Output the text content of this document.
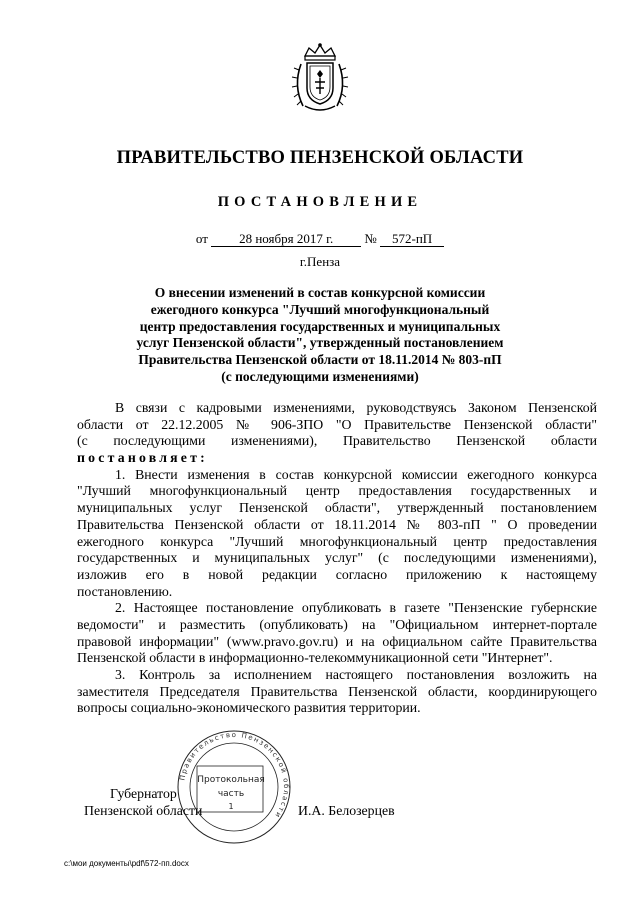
ПРАВИТЕЛЬСТВО ПЕНЗЕНСКОЙ ОБЛАСТИ
ПОСТАНОВЛЕНИЕ
от 28 ноября 2017 г. № 572-пП
г.Пенза
О внесении изменений в состав конкурсной комиссии
ежегодного конкурса "Лучший многофункциональный
центр предоставления государственных и муниципальных
услуг Пензенской области", утвержденный постановлением
Правительства Пензенской области от 18.11.2014 № 803-пП
(с последующими изменениями)
В связи с кадровыми изменениями, руководствуясь Законом Пензенской
области от 22.12.2005 № 906-ЗПО "О Правительстве Пензенской области"
(с последующими изменениями), Правительство Пензенской области
постановляет:
1. Внести изменения в состав конкурсной комиссии ежегодного конкурса
"Лучший многофункциональный центр предоставления государственных и
муниципальных услуг Пензенской области", утвержденный постановлением
Правительства Пензенской области от 18.11.2014 № 803-пП " О проведении
ежегодного конкурса "Лучший многофункциональный центр предоставления
государственных и муниципальных услуг" (с последующими изменениями),
изложив его в новой редакции согласно приложению к настоящему
постановлению.
2. Настоящее постановление опубликовать в газете "Пензенские губернские
ведомости" и разместить (опубликовать) на "Официальном интернет-портале
правовой информации" (www.pravo.gov.ru) и на официальном сайте Правительства
Пензенской области в информационно-телекоммуникационной сети "Интернет".
3. Контроль за исполнением настоящего постановления возложить на
заместителя Председателя Правительства Пензенской области, координирующего
вопросы социально-экономического развития территории.
Правительство Пензенской области
Протокольная
часть
1
Губернатор
Пензенской области	И.А. Белозерцев
с:\мои документы\pdf\572-пп.docx
